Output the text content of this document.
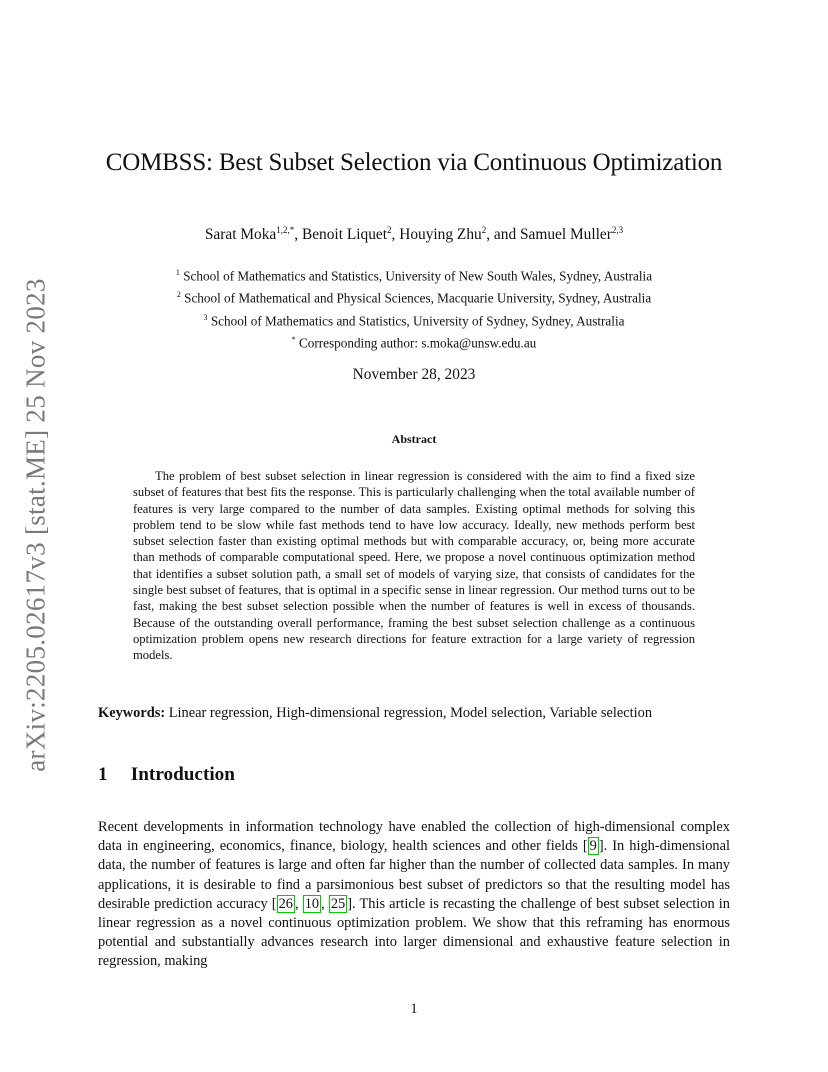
arXiv:2205.02617v3 [stat.ME] 25 Nov 2023
COMBSS: Best Subset Selection via Continuous Optimization
Sarat Moka$^{1,2,*}$, Benoit Liquet$^2$, Houying Zhu$^2$, and Samuel Muller$^{2,3}$
$^1$ School of Mathematics and Statistics, University of New South Wales, Sydney, Australia
$^2$ School of Mathematical and Physical Sciences, Macquarie University, Sydney, Australia
$^3$ School of Mathematics and Statistics, University of Sydney, Sydney, Australia
* Corresponding author: s.moka@unsw.edu.au
November 28, 2023
Abstract

The problem of best subset selection in linear regression is considered with the aim to find a fixed size subset of features that best fits the response. This is particularly challenging when the total available number of features is very large compared to the number of data samples. Existing optimal methods for solving this problem tend to be slow while fast methods tend to have low accuracy. Ideally, new methods perform best subset selection faster than existing optimal methods but with comparable accuracy, or, being more accurate than methods of comparable computational speed. Here, we propose a novel continuous optimization method that identifies a subset solution path, a small set of models of varying size, that consists of candidates for the single best subset of features, that is optimal in a specific sense in linear regression. Our method turns out to be fast, making the best subset selection possible when the number of features is well in excess of thousands. Because of the outstanding overall performance, framing the best subset selection challenge as a continuous optimization problem opens new research directions for feature extraction for a large variety of regression models.

Keywords: Linear regression, High-dimensional regression, Model selection, Variable selection
1 Introduction

Recent developments in information technology have enabled the collection of high-dimensional complex data in engineering, economics, finance, biology, health sciences and other fields [ 9 ]. In high-dimensional data, the number of features is large and often far higher than the number of collected data samples. In many applications, it is desirable to find a parsimonious best subset of predictors so that the resulting model has desirable prediction accuracy [ 26 , 10 , 25 ]. This article is recasting the challenge of best subset selection in linear regression as a novel continuous optimization problem. We show that this reframing has enormous potential and substantially advances research into larger dimensional and exhaustive feature selection in regression, making

1
